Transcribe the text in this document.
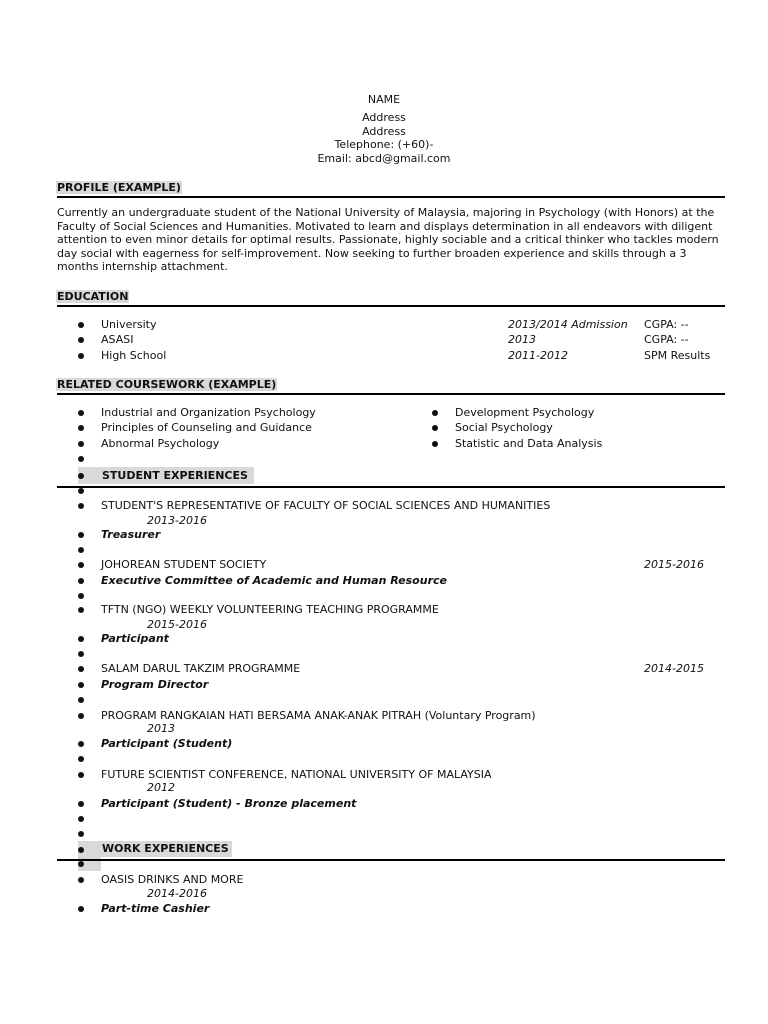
NAME
Address
Address
Telephone: (+60)-
Email: abcd@gmail.com
PROFILE (EXAMPLE)
Currently an undergraduate student of the National University of Malaysia, majoring in Psychology (with Honors) at the Faculty of Social Sciences and Humanities. Motivated to learn and displays determination in all endeavors with diligent attention to even minor details for optimal results. Passionate, highly sociable and a critical thinker who tackles modern day social with eagerness for self-improvement. Now seeking to further broaden experience and skills through a 3 months internship attachment.
EDUCATION
University	2013/2014 Admission CGPA: --
ASASI	2013	CGPA: --
High School	2011-2012	SPM Results
RELATED COURSEWORK (EXAMPLE)
Industrial and Organization Psychology
Principles of Counseling and Guidance
Abnormal Psychology
Development Psychology
Social Psychology
Statistic and Data Analysis
STUDENT EXPERIENCES
STUDENT'S REPRESENTATIVE OF FACULTY OF SOCIAL SCIENCES AND HUMANITIES
2013-2016
Treasurer
JOHOREAN STUDENT SOCIETY	2015-2016
Executive Committee of Academic and Human Resource
TFTN (NGO) WEEKLY VOLUNTEERING TEACHING PROGRAMME
2015-2016
Participant
SALAM DARUL TAKZIM PROGRAMME	2014-2015
Program Director
PROGRAM RANGKAIAN HATI BERSAMA ANAK-ANAK PITRAH (Voluntary Program)
2013
Participant (Student)
FUTURE SCIENTIST CONFERENCE, NATIONAL UNIVERSITY OF MALAYSIA
2012
Participant (Student) - Bronze placement
WORK EXPERIENCES
OASIS DRINKS AND MORE
2014-2016
Part-time Cashier
